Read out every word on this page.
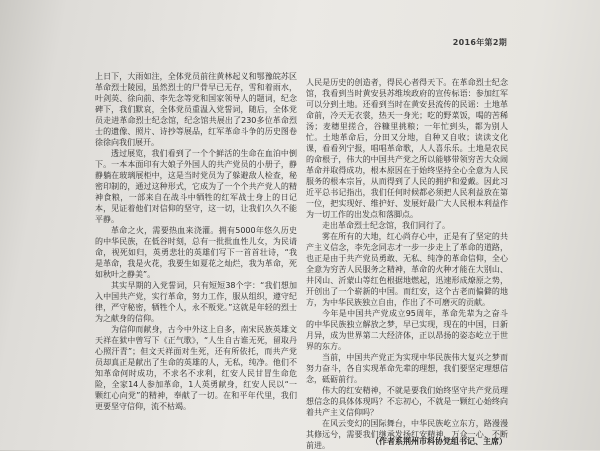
2016年第2期

上日下，大雨如注，全体党员前往黄林起义和鄂豫皖苏区革命烈士陵园，虽然烈士的尸骨早已无存，雪和着雨水，叶剑英、徐向前、李先念等党和国家领导人的题词，纪念碑下，我们默哀，全体党员重温入党誓词，随后，全体党员走进革命烈士纪念馆，纪念馆共展出了230多位革命烈士的遗像、照片、诗抄等展品，红军革命斗争的历史图卷徐徐向我们展开。

透过展览，我们看到了一个个鲜活的生命在血泊中倒下。一本本面印有大娘子外国人的共产党员的小册子，静静躺在玻璃展柜中，这是当时党员为了躲避敌人检查，秘密印制的，通过这种形式，它成为了一个个共产党人的精神食粮，一部来自在战斗中牺牲的红军战士身上的日记本，见证着他们对信仰的坚守，这一切，让我们久久不能平静。

革命之火，需要热血来浇灌。拥有5000年悠久历史的中华民族，在低谷时刻，总有一批批血性儿女，为民请命，视死如归，英勇悲壮的英雄们写下一首首壮诗，“我是革命，我是火花，我要生如夏花之灿烂，我为革命，死如秋叶之静美”。

其实早期的入党誓词，只有短短38个字：“我们想加入中国共产党，实行革命，努力工作，服从组织，遵守纪律，严守秘密，牺牲个人，永不叛党。”这就是年轻的烈士为之献身的信仰。

为信仰而献身，古今中外这上自多，南宋民族英雄文天祥在狱中曾写下《正气歌》，“人生自古谁无死，留取丹心照汗青”；但文天祥面对生死，还有所依托，而共产党员却真正是献出了生命的英雄的人，无私，纯净。他们不知革命何时成功，不求名不求利，红安人民甘冒生命危险，全家14人参加革命，1人英勇献身，红安人民以“一颗红心向党”的精神，奉献了一切。在和平年代里，我们更要坚守信仰，流不枯竭。

人民是历史的创造者，得民心者得天下。在革命烈士纪念馆，我看到当时黄安县苏维埃政府的宣传标语：参加红军可以分到土地。还看到当时在黄安县流传的民谣：土地革命前，冷天无衣裳，热天一身光；吃的野菜饭，喝的苦稀汤；麦穗里搓合，谷糠里挑粮；一年忙到头，都为别人忙。土地革命后，分田又分地，自种又自收；读读文化课，看看列宁报，唱唱革命歌，人人喜乐乐。土地是农民的命根子，伟大的中国共产党之所以能够带领穷苦大众闹革命并取得成功，根本原因在于始终坚持全心全意为人民服务的根本宗旨，从而得到了人民的拥护和爱戴。因此习近平总书记指出，我们任何时候都必须把人民利益放在第一位，把实现好、维护好、发展好最广大人民根本利益作为一切工作的出发点和落脚点。

走出革命烈士纪念馆，我们同行了。

雾在所有的大地，红心尚存心中，正是有了坚定的共产主义信念，李先念同志才一步一步走上了革命的道路，也正是由于共产党员勇敢、无私、纯净的革命信仰，全心全意为穷苦人民服务之精神，革命的火种才能在大别山、井冈山、沂蒙山等红色根据地燃起，迅速形成燎原之势，开创出了一个崭新的中国。而红安，这个古老而偏僻的地方，为中华民族独立自由，作出了不可磨灭的贡献。

今年是中国共产党成立95周年，革命先辈为之奋斗的中华民族独立解放之梦，早已实现，现在的中国，日新月异，成为世界第二大经济体，正以昂扬的姿态屹立于世界的东方。

当前，中国共产党正为实现中华民族伟大复兴之梦而努力奋斗，各自实现革命先辈的理想，我们要坚定理想信念，砥砺前行。

伟大的红安精神，不就是要我们始终坚守共产党员理想信念的具体体现吗？不忘初心，不就是一颗红心始终向着共产主义信仰吗？

在风云变幻的国际舞台，中华民族屹立东方，路漫漫其修远兮，需要我们继承发扬红安精神，万众一心，不断前进。	（作者系荆州市科协党组书记、主席）
